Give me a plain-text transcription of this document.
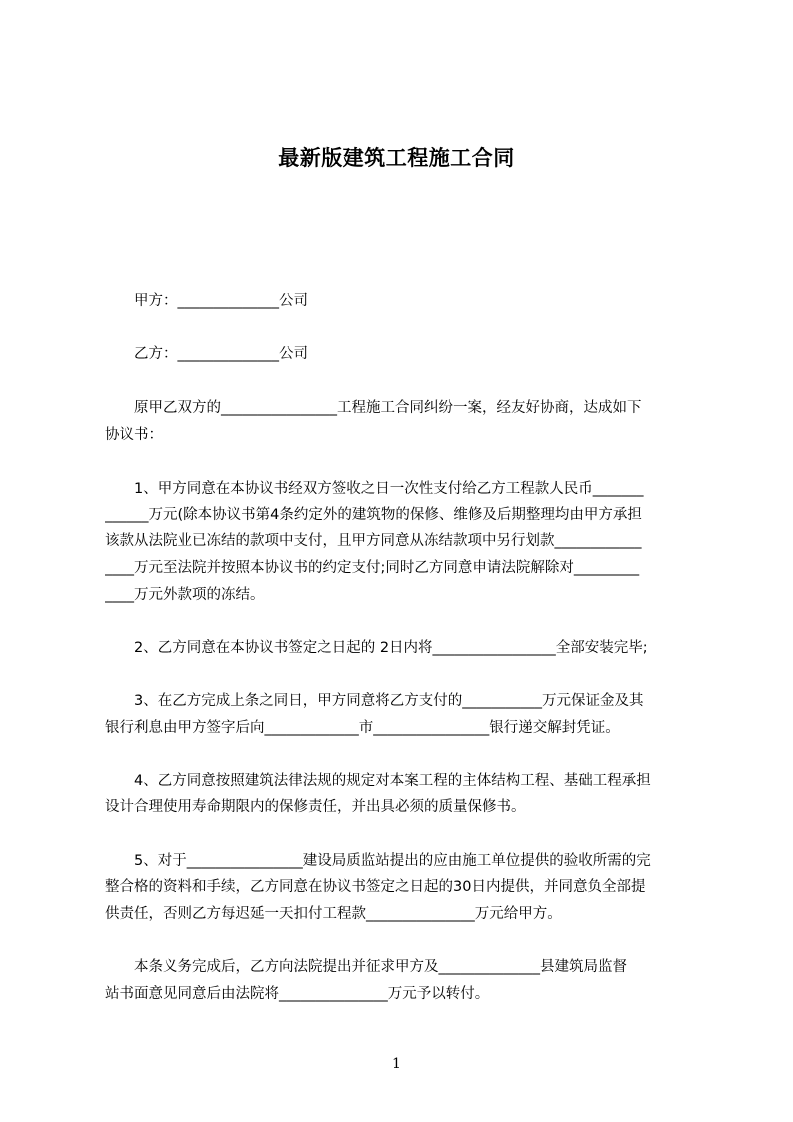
最新版建筑工程施工合同
　　甲方：______________公司
　　乙方：______________公司
　　原甲乙双方的________________工程施工合同纠纷一案，经友好协商，达成如下
协议书：
　　1、甲方同意在本协议书经双方签收之日一次性支付给乙方工程款人民币_______
______万元(除本协议书第4条约定外的建筑物的保修、维修及后期整理均由甲方承担
该款从法院业已冻结的款项中支付，且甲方同意从冻结款项中另行划款____________
____万元至法院并按照本协议书的约定支付;同时乙方同意申请法院解除对_________
____万元外款项的冻结。
　　2、乙方同意在本协议书签定之日起的 2日内将_________________全部安装完毕;
　　3、在乙方完成上条之同日，甲方同意将乙方支付的___________万元保证金及其
银行利息由甲方签字后向_____________市________________银行递交解封凭证。
　　4、乙方同意按照建筑法律法规的规定对本案工程的主体结构工程、基础工程承担
设计合理使用寿命期限内的保修责任，并出具必须的质量保修书。
　　5、对于________________建设局质监站提出的应由施工单位提供的验收所需的完
整合格的资料和手续，乙方同意在协议书签定之日起的30日内提供，并同意负全部提
供责任，否则乙方每迟延一天扣付工程款_______________万元给甲方。
　　本条义务完成后，乙方向法院提出并征求甲方及______________县建筑局监督
站书面意见同意后由法院将_______________万元予以转付。
1
